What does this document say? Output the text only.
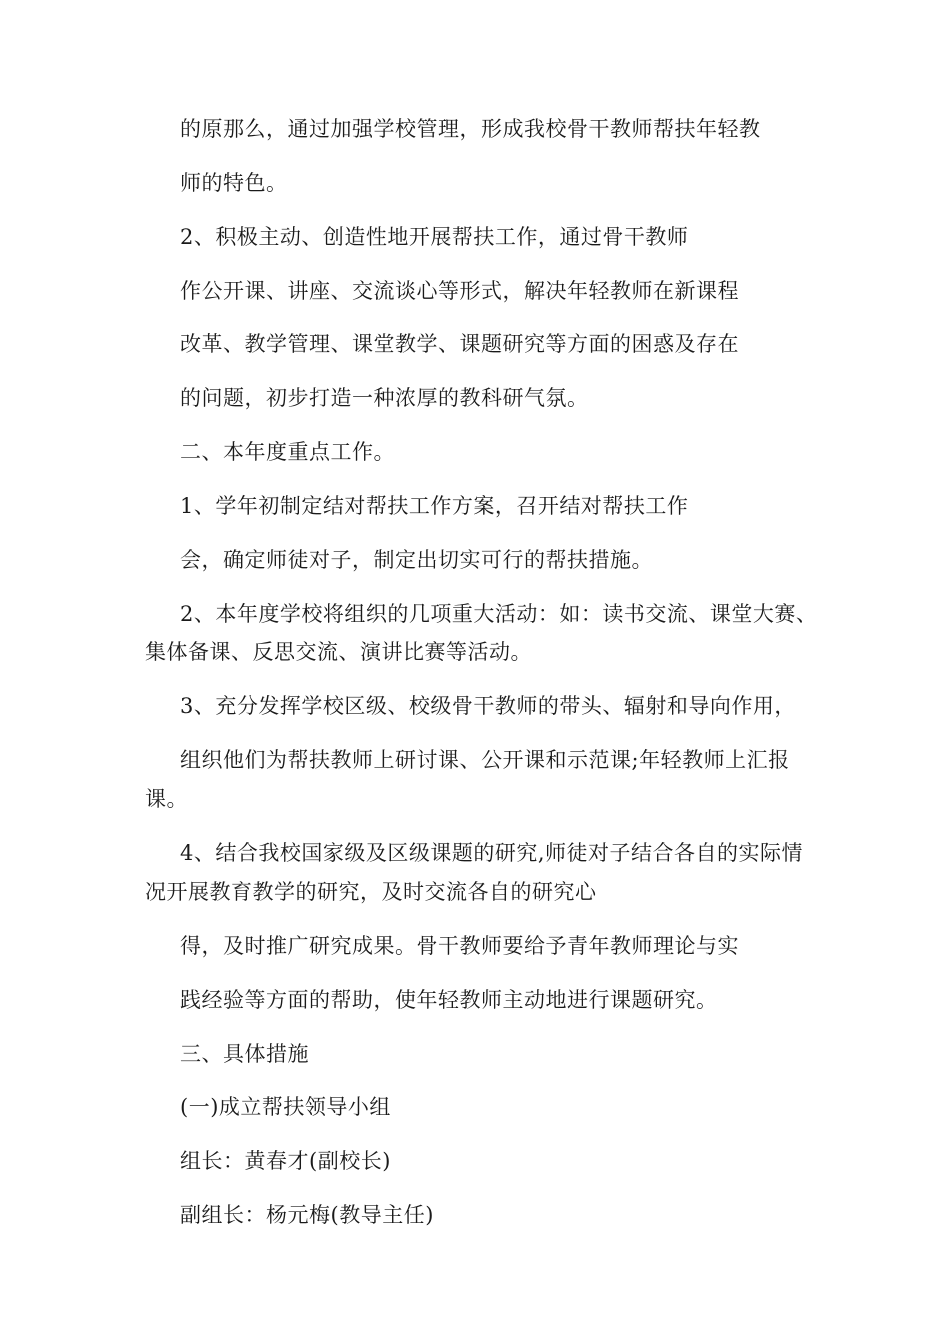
的原那么，通过加强学校管理，形成我校骨干教师帮扶年轻教
师的特色。
2、积极主动、创造性地开展帮扶工作，通过骨干教师
作公开课、讲座、交流谈心等形式，解决年轻教师在新课程
改革、教学管理、课堂教学、课题研究等方面的困惑及存在
的问题，初步打造一种浓厚的教科研气氛。
二、本年度重点工作。
1、学年初制定结对帮扶工作方案，召开结对帮扶工作
会，确定师徒对子，制定出切实可行的帮扶措施。
2、本年度学校将组织的几项重大活动：如：读书交流、课堂大赛、
集体备课、反思交流、演讲比赛等活动。
3、充分发挥学校区级、校级骨干教师的带头、辐射和导向作用，
组织他们为帮扶教师上研讨课、公开课和示范课;年轻教师上汇报
课。
4、结合我校国家级及区级课题的研究,师徒对子结合各自的实际情
况开展教育教学的研究，及时交流各自的研究心
得，及时推广研究成果。骨干教师要给予青年教师理论与实
践经验等方面的帮助，使年轻教师主动地进行课题研究。
三、具体措施
(一)成立帮扶领导小组
组长：黄春才(副校长)
副组长：杨元梅(教导主任)
